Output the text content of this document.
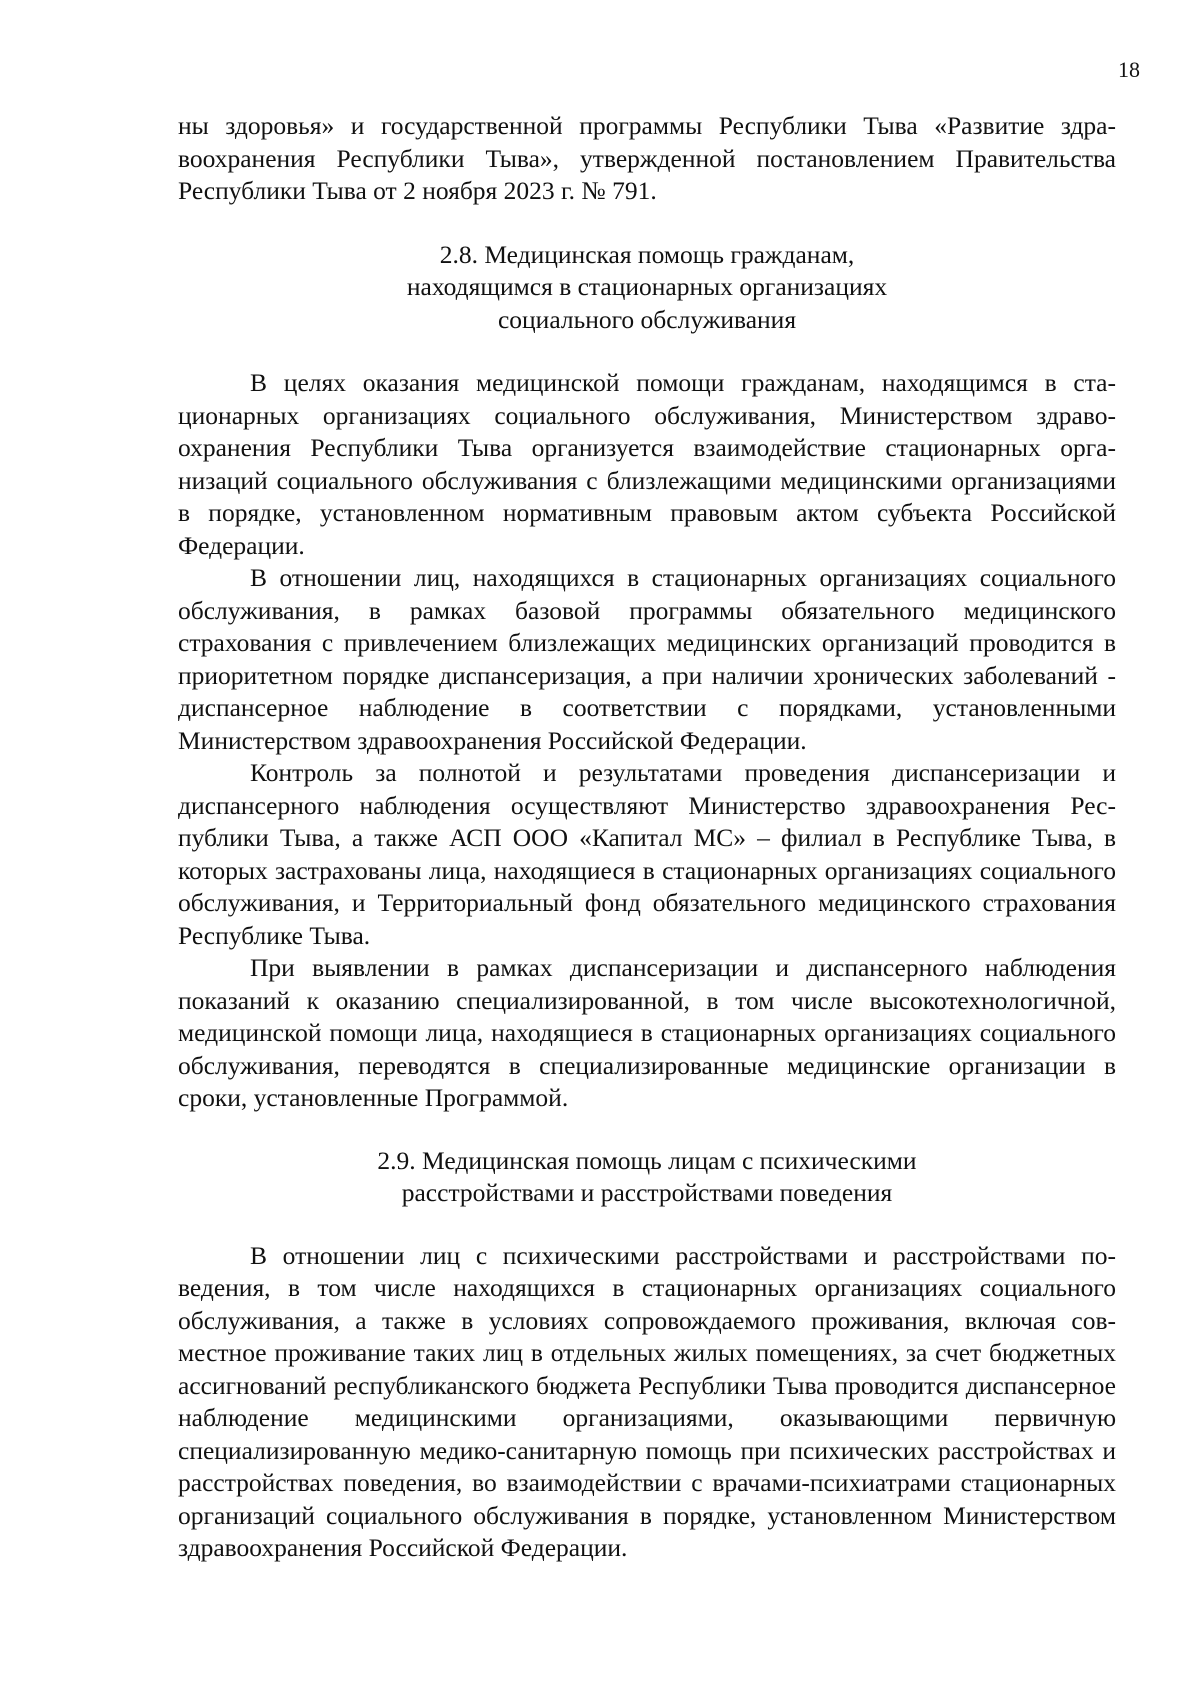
18

ны здоровья» и государственной программы Республики Тыва «Развитие здравоохранения Республики Тыва», утвержденной постановлением Правительства Республики Тыва от 2 ноября 2023 г. № 791.

2.8. Медицинская помощь гражданам,
находящимся в стационарных организациях
социального обслуживания

В целях оказания медицинской помощи гражданам, находящимся в стационарных организациях социального обслуживания, Министерством здравоохранения Республики Тыва организуется взаимодействие стационарных организаций социального обслуживания с близлежащими медицинскими организациями в порядке, установленном нормативным правовым актом субъекта Российской Федерации.

В отношении лиц, находящихся в стационарных организациях социального обслуживания, в рамках базовой программы обязательного медицинского страхования с привлечением близлежащих медицинских организаций проводится в приоритетном порядке диспансеризация, а при наличии хронических заболеваний - диспансерное наблюдение в соответствии с порядками, установленными Министерством здравоохранения Российской Федерации.

Контроль за полнотой и результатами проведения диспансеризации и диспансерного наблюдения осуществляют Министерство здравоохранения Республики Тыва, а также АСП ООО «Капитал МС» – филиал в Республике Тыва, в которых застрахованы лица, находящиеся в стационарных организациях социального обслуживания, и Территориальный фонд обязательного медицинского страхования Республике Тыва.

При выявлении в рамках диспансеризации и диспансерного наблюдения показаний к оказанию специализированной, в том числе высокотехнологичной, медицинской помощи лица, находящиеся в стационарных организациях социального обслуживания, переводятся в специализированные медицинские организации в сроки, установленные Программой.

2.9. Медицинская помощь лицам с психическими
расстройствами и расстройствами поведения

В отношении лиц с психическими расстройствами и расстройствами поведения, в том числе находящихся в стационарных организациях социального обслуживания, а также в условиях сопровождаемого проживания, включая совместное проживание таких лиц в отдельных жилых помещениях, за счет бюджетных ассигнований республиканского бюджета Республики Тыва проводится диспансерное наблюдение медицинскими организациями, оказывающими первичную специализированную медико-санитарную помощь при психических расстройствах и расстройствах поведения, во взаимодействии с врачами-психиатрами стационарных организаций социального обслуживания в порядке, установленном Министерством здравоохранения Российской Федерации.
